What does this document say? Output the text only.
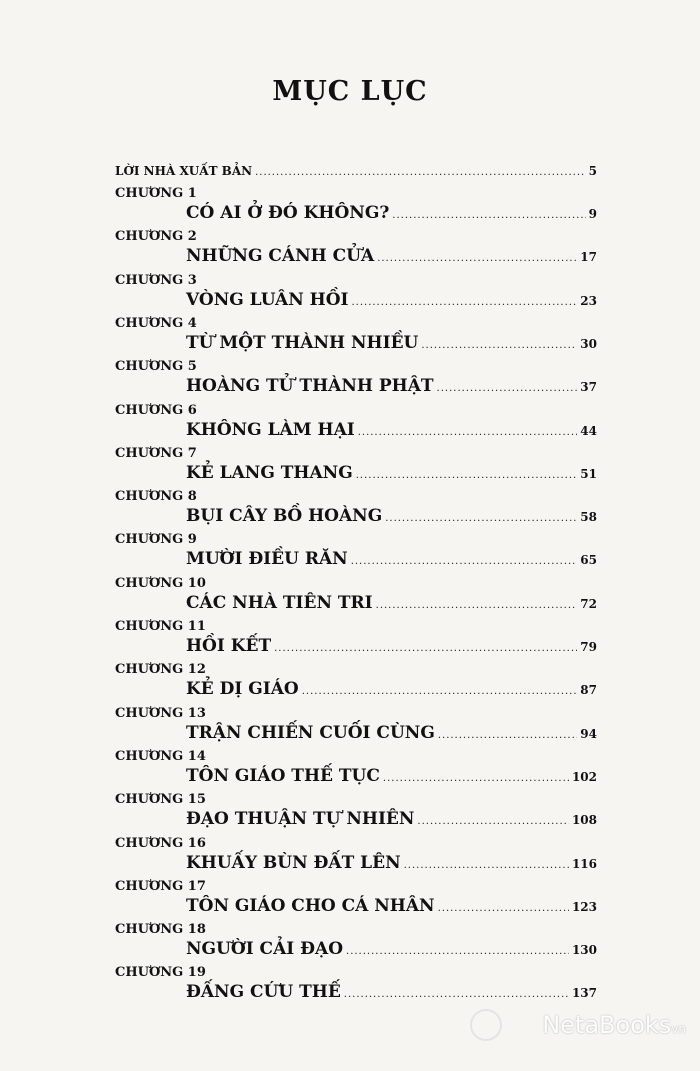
MỤC LỤC
LỜI NHÀ XUẤT BẢN .....	5
CHƯƠNG 1
CÓ AI Ở ĐÓ KHÔNG? .....	9
CHƯƠNG 2
NHỮNG CÁNH CỬA .....	17
CHƯƠNG 3
VÒNG LUÂN HỒI .....	23
CHƯƠNG 4
TỪ MỘT THÀNH NHIỀU .....	30
CHƯƠNG 5
HOÀNG TỬ THÀNH PHẬT .....	37
CHƯƠNG 6
KHÔNG LÀM HẠI .....	44
CHƯƠNG 7
KẺ LANG THANG .....	51
CHƯƠNG 8
BỤI CÂY BỒ HOÀNG .....	58
CHƯƠNG 9
MƯỜI ĐIỀU RĂN .....	65
CHƯƠNG 10
CÁC NHÀ TIÊN TRI .....	72
CHƯƠNG 11
HỒI KẾT .....	79
CHƯƠNG 12
KẺ DỊ GIÁO .....	87
CHƯƠNG 13
TRẬN CHIẾN CUỐI CÙNG .....	94
CHƯƠNG 14
TÔN GIÁO THẾ TỤC .....	102
CHƯƠNG 15
ĐẠO THUẬN TỰ NHIÊN .....	108
CHƯƠNG 16
KHUẤY BÙN ĐẤT LÊN .....	116
CHƯƠNG 17
TÔN GIÁO CHO CÁ NHÂN .....	123
CHƯƠNG 18
NGƯỜI CẢI ĐẠO .....	130
CHƯƠNG 19
ĐẤNG CỨU THẾ .....	137
NetaBooksvn
